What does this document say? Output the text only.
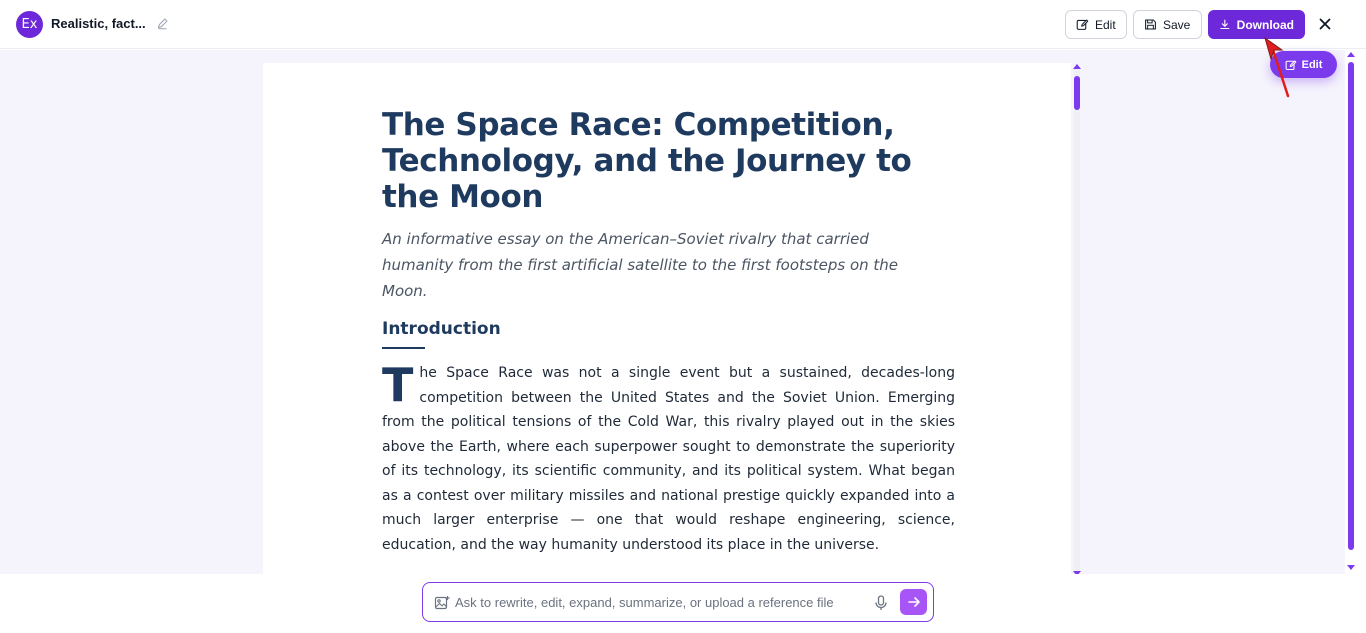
Ex	Realistic, fact...	Edit	Save	Download
The Space Race: Competition, Technology, and the Journey to the Moon

An informative essay on the American–Soviet rivalry that carried humanity from the first artificial satellite to the first footsteps on the Moon.

Introduction
T he Space Race was not a single event but a sustained, decades-long competition between the United States and the Soviet Union. Emerging from the political tensions of the Cold War, this rivalry played out in the skies above the Earth, where each superpower sought to demonstrate the superiority of its technology, its scientific community, and its political system. What began as a contest over military missiles and national prestige quickly expanded into a much larger enterprise — one that would reshape engineering, science, education, and the way humanity understood its place in the universe.

Edit
Ask to rewrite, edit, expand, summarize, or upload a reference file
